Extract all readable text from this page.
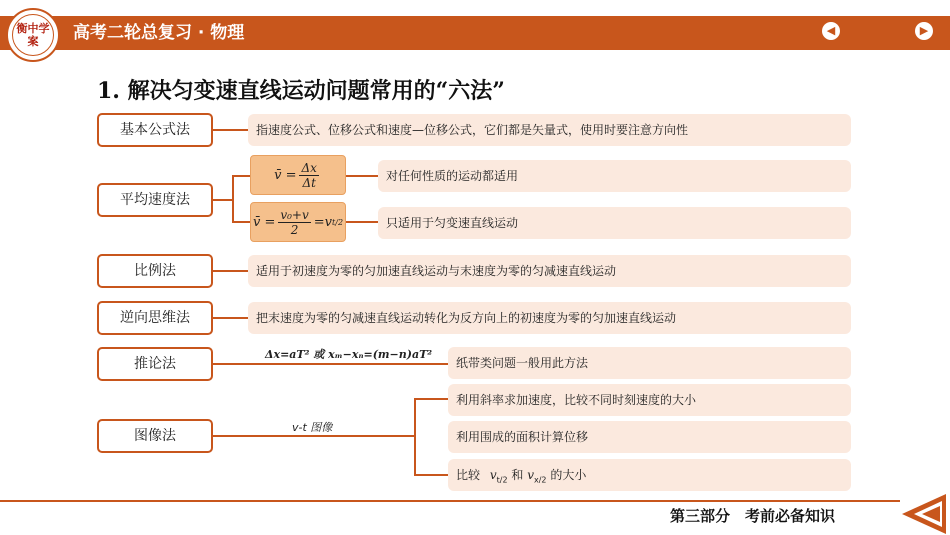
衡中学案	高考二轮总复习 · 物理	◀	▶
1. 解决匀变速直线运动问题常用的“六法”
基本公式法	指速度公式、位移公式和速度—位移公式，它们都是矢量式，使用时要注意方向性
平均速度法
v̄ = $\frac{\Delta x}{\Delta t}$	对任何性质的运动都适用
v̄ = $\frac{\text{v₀+v}}{2} =v$ t/2	只适用于匀变速直线运动
比例法	适用于初速度为零的匀加速直线运动与末速度为零的匀减速直线运动
逆向思维法	把末速度为零的匀减速直线运动转化为反方向上的初速度为零的匀加速直线运动
推论法
Δx=aT² 或 xₘ−xₙ=(m−n)aT²
纸带类问题一般用此方法
图像法
v-t 图像
利用斜率求加速度，比较不同时刻速度的大小
利用围成的面积计算位移
比较 $v_{t/2}$ 和 $v_{x/2}$ 的大小
第三部分　考前必备知识
